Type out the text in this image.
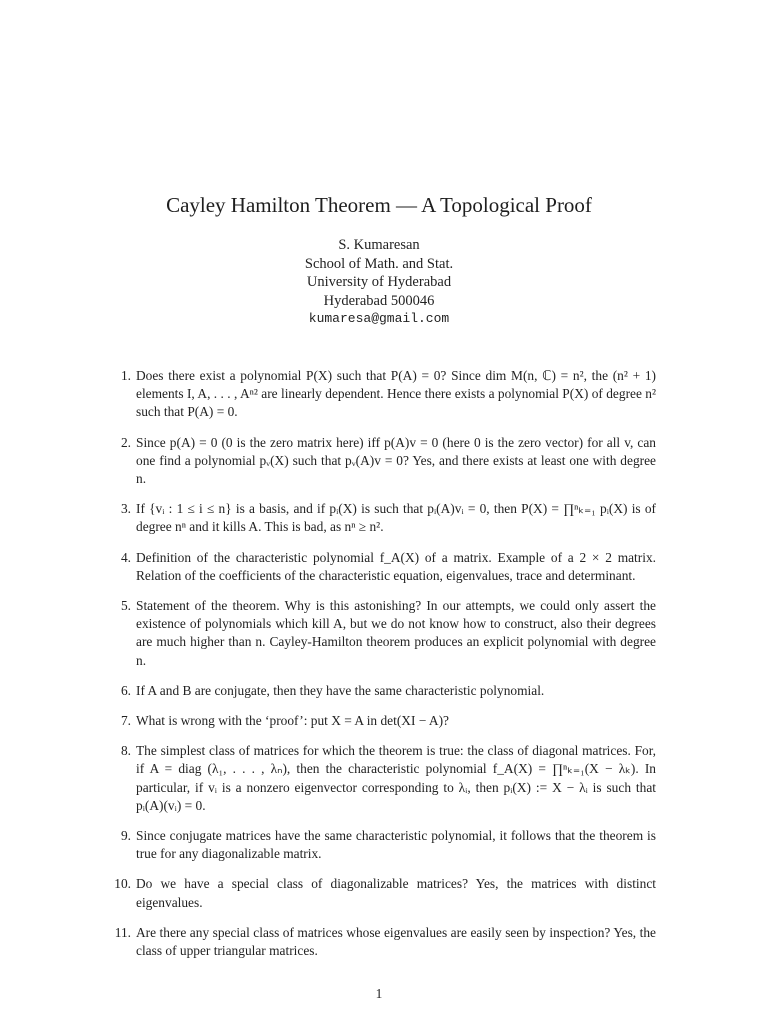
Cayley Hamilton Theorem — A Topological Proof
S. Kumaresan
School of Math. and Stat.
University of Hyderabad
Hyderabad 500046
kumaresa@gmail.com
1. Does there exist a polynomial P(X) such that P(A) = 0? Since dim M(n, ℂ) = n², the (n² + 1) elements I, A, . . . , Aⁿ² are linearly dependent. Hence there exists a polynomial P(X) of degree n² such that P(A) = 0.
2. Since p(A) = 0 (0 is the zero matrix here) iff p(A)v = 0 (here 0 is the zero vector) for all v, can one find a polynomial pᵥ(X) such that pᵥ(A)v = 0? Yes, and there exists at least one with degree n.
3. If {vᵢ : 1 ≤ i ≤ n} is a basis, and if pᵢ(X) is such that pᵢ(A)vᵢ = 0, then P(X) = ∏ⁿₖ₌₁ pᵢ(X) is of degree nⁿ and it kills A. This is bad, as nⁿ ≥ n².
4. Definition of the characteristic polynomial f_A(X) of a matrix. Example of a 2 × 2 matrix. Relation of the coefficients of the characteristic equation, eigenvalues, trace and determinant.
5. Statement of the theorem. Why is this astonishing? In our attempts, we could only assert the existence of polynomials which kill A, but we do not know how to construct, also their degrees are much higher than n. Cayley-Hamilton theorem produces an explicit polynomial with degree n.
6. If A and B are conjugate, then they have the same characteristic polynomial.
7. What is wrong with the ‘proof’: put X = A in det(XI − A)?
8. The simplest class of matrices for which the theorem is true: the class of diagonal matrices. For, if A = diag (λ₁, . . . , λₙ), then the characteristic polynomial f_A(X) = ∏ⁿₖ₌₁(X − λₖ). In particular, if vᵢ is a nonzero eigenvector corresponding to λᵢ, then pᵢ(X) := X − λᵢ is such that pᵢ(A)(vᵢ) = 0.
9. Since conjugate matrices have the same characteristic polynomial, it follows that the theorem is true for any diagonalizable matrix.
10. Do we have a special class of diagonalizable matrices? Yes, the matrices with distinct eigenvalues.
11. Are there any special class of matrices whose eigenvalues are easily seen by inspection? Yes, the class of upper triangular matrices.
1
